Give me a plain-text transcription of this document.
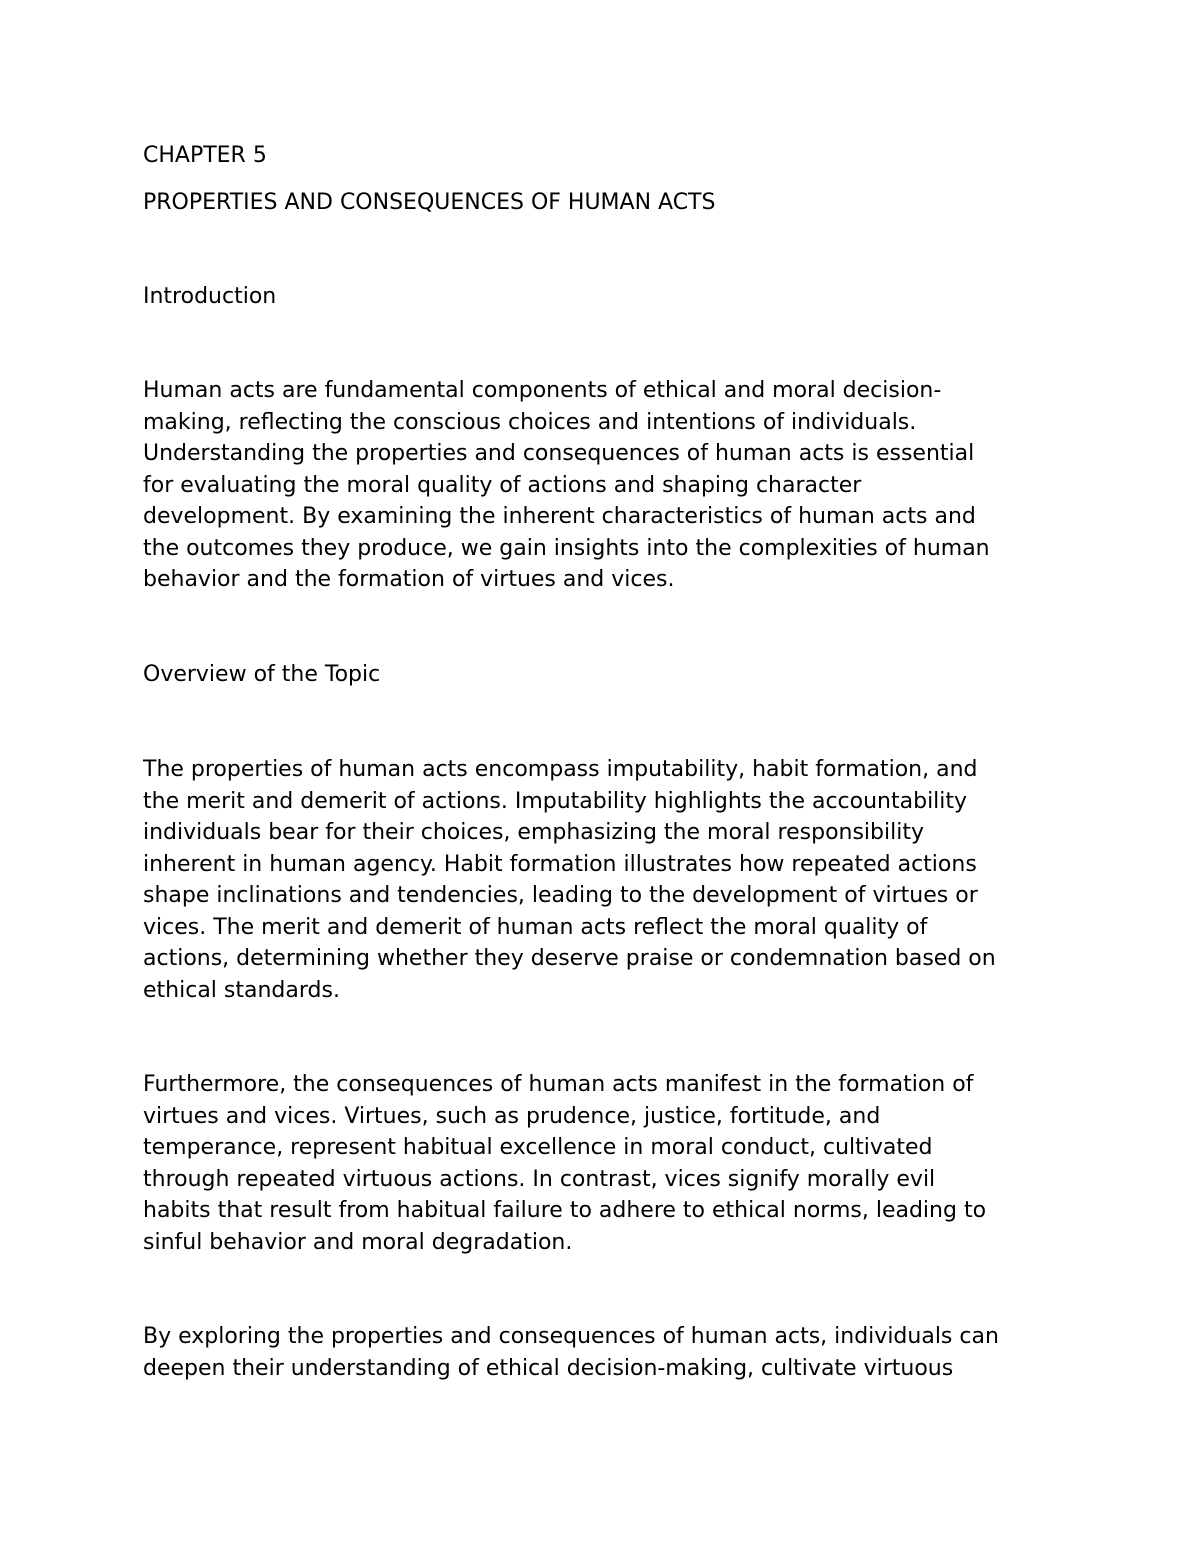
CHAPTER 5

PROPERTIES AND CONSEQUENCES OF HUMAN ACTS

Introduction

Human acts are fundamental components of ethical and moral decision-
making, reflecting the conscious choices and intentions of individuals.
Understanding the properties and consequences of human acts is essential
for evaluating the moral quality of actions and shaping character
development. By examining the inherent characteristics of human acts and
the outcomes they produce, we gain insights into the complexities of human
behavior and the formation of virtues and vices.

Overview of the Topic

The properties of human acts encompass imputability, habit formation, and
the merit and demerit of actions. Imputability highlights the accountability
individuals bear for their choices, emphasizing the moral responsibility
inherent in human agency. Habit formation illustrates how repeated actions
shape inclinations and tendencies, leading to the development of virtues or
vices. The merit and demerit of human acts reflect the moral quality of
actions, determining whether they deserve praise or condemnation based on
ethical standards.

Furthermore, the consequences of human acts manifest in the formation of
virtues and vices. Virtues, such as prudence, justice, fortitude, and
temperance, represent habitual excellence in moral conduct, cultivated
through repeated virtuous actions. In contrast, vices signify morally evil
habits that result from habitual failure to adhere to ethical norms, leading to
sinful behavior and moral degradation.

By exploring the properties and consequences of human acts, individuals can
deepen their understanding of ethical decision-making, cultivate virtuous
